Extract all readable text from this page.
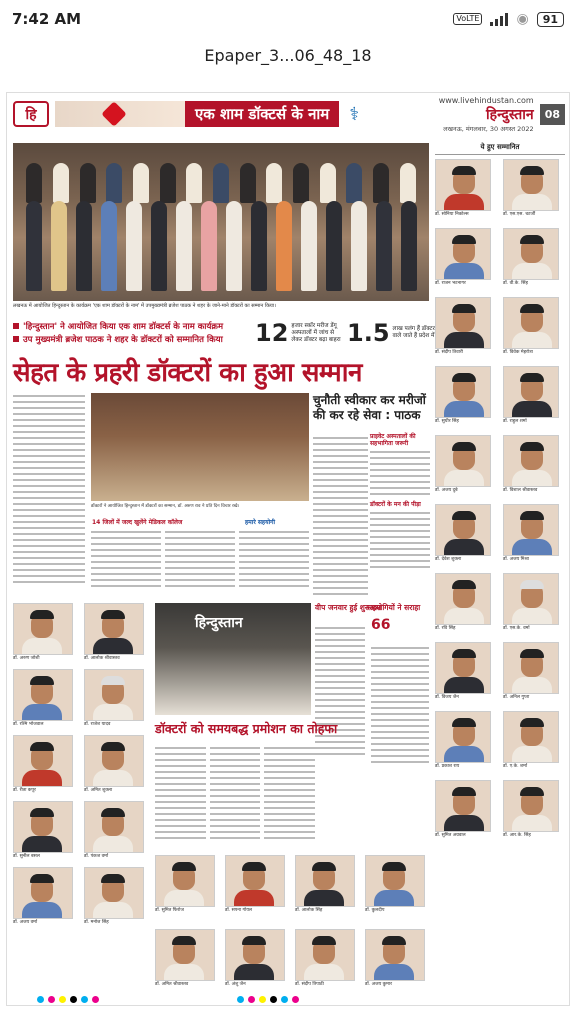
7:42 AM	VoLTE	◉	91
Epaper_3...06_48_18
हि	एक शाम डॉक्टर्स के नाम	⚕
www.livehindustan.com
हिन्दुस्तान
लखनऊ, मंगलवार, 30 अगस्त 2022
08
लखनऊ में आयोजित हिन्दुस्तान के कार्यक्रम 'एक शाम डॉक्टरों के नाम' में उपमुख्यमंत्री ब्रजेश पाठक ने शहर के जाने-माने डॉक्टरों का सम्मान किया।
'हिन्दुस्तान' ने आयोजित किया एक शाम डॉक्टर्स के नाम कार्यक्रम
उप मुख्यमंत्री ब्रजेश पाठक ने शहर के डॉक्टरों को सम्मानित किया	12 हजार स्कॉर मरीज डेंगू अस्पतालों में जांच से लेकर डॉक्टर बढ़ा बाहरा 1.5 लाख पलंग हैं डॉक्टर वाले जाते हैं प्रदेश में
सेहत के प्रहरी डॉक्टरों का हुआ सम्मान
डॉक्टरों ने आयोजित हिन्दुस्तान में डॉक्टरों का सम्मान, डॉ. अरुण राव ने प्रति दिन विचार रखे।
चुनौती स्वीकार कर मरीजों की कर रहे सेवा : पाठक
प्राइवेट अस्पतालों की सहभागिता जरूरी
डॉक्टरों के मन की पीड़ा
14 जिलों में जल्द खुलेंगे मेडिकल कॉलेज	हमारे सहयोगी
डॉ. अरुण जोशी	डॉ. आलोक श्रीवास्तव
डॉ. रश्मि भोजवाल	डॉ. राजेश यादव
डॉ. रीता कपूर	डॉ. अमित शुक्ला
डॉ. सुनील बसल	डॉ. पंकज वर्मा
डॉ. अजय वर्मा	डॉ. मनोज सिंह
हिन्दुस्तान
वीप जनवार हुई शुरुआत
सहयोगियों ने सराहा
66
डॉक्टरों को समयबद्ध प्रमोशन का तोहफा
डॉ. सुमित फिरोज	डॉ. सपना गोयल	डॉ. आलोक सिंह	डॉ. कुलदीप
डॉ. अमित श्रीवास्तव	डॉ. अंशु जैन	डॉ. संदीप त्रिपाठी	डॉ. अजय कुमार
ये हुए सम्मानित
डॉ. सोनिया निकोल्स	डॉ. एस.एस. चटर्जी
डॉ. राजन भटनागर	डॉ. वी.के. सिंह
डॉ. संदीप तिवारी	डॉ. विवेक मेहरोत्रा
डॉ. सुधीर सिंह	डॉ. राहुल शर्मा
डॉ. अजय दुबे	डॉ. विशाल श्रीवास्तव
डॉ. देवेश शुक्ला	डॉ. अजय मिश्रा
डॉ. रवि सिंह	डॉ. एस.के. वर्मा
डॉ. विजय जैन	डॉ. अनिल गुप्ता
डॉ. प्रकाश राय	डॉ. ए.के. शर्मा
डॉ. सुमित अग्रवाल	डॉ. आर.के. सिंह
